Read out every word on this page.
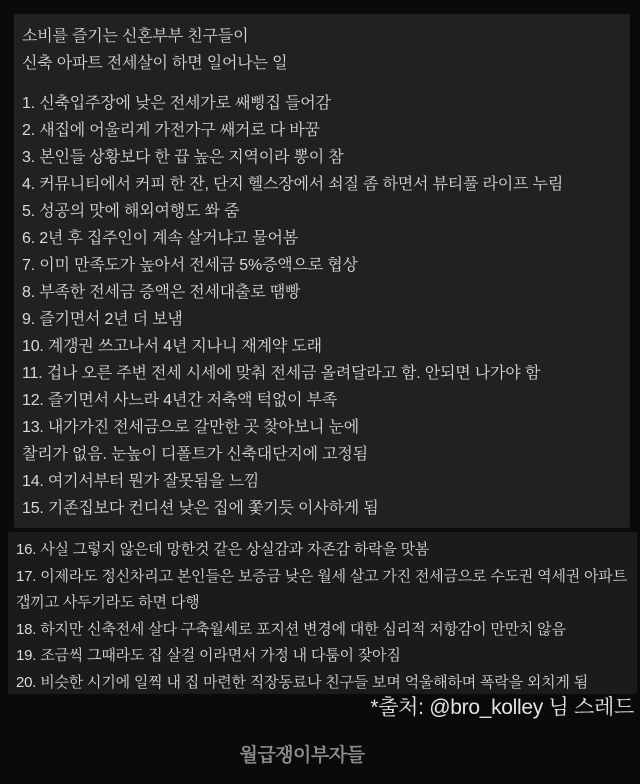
소비를 즐기는 신혼부부 친구들이
신축 아파트 전세살이 하면 일어나는 일
1. 신축입주장에 낮은 전세가로 쌔삥집 들어감
2. 새집에 어울리게 가전가구 쌔거로 다 바꿈
3. 본인들 상황보다 한 끕 높은 지역이라 뽕이 참
4. 커뮤니티에서 커피 한 잔, 단지 헬스장에서 쇠질 좀 하면서 뷰티풀 라이프 누림
5. 성공의 맛에 해외여행도 쏴 줌
6. 2년 후 집주인이 계속 살거냐고 물어봄
7. 이미 만족도가 높아서 전세금 5%증액으로 협상
8. 부족한 전세금 증액은 전세대출로 땜빵
9. 즐기면서 2년 더 보냄
10. 계갱권 쓰고나서 4년 지나니 재계약 도래
11. 겁나 오른 주변 전세 시세에 맞춰 전세금 올려달라고 함. 안되면 나가야 함
12. 즐기면서 사느라 4년간 저축액 턱없이 부족
13. 내가가진 전세금으로 갈만한 곳 찾아보니 눈에
찰리가 없음. 눈높이 디폴트가 신축대단지에 고정됨
14. 여기서부터 뭔가 잘못됨을 느낌
15. 기존집보다 컨디션 낮은 집에 쫓기듯 이사하게 됨
16. 사실 그렇지 않은데 망한것 같은 상실감과 자존감 하락을 맛봄
17. 이제라도 정신차리고 본인들은 보증금 낮은 월세 살고 가진 전세금으로 수도권 역세권 아파트 갭끼고 사두기라도 하면 다행
18. 하지만 신축전세 살다 구축월세로 포지션 변경에 대한 심리적 저항감이 만만치 않음
19. 조금씩 그때라도 집 살걸 이라면서 가정 내 다툼이 잦아짐
20. 비슷한 시기에 일찍 내 집 마련한 직장동료나 친구들 보며 억울해하며 폭락을 외치게 됨
*출처: @bro_kolley 님 스레드
월급쟁이부자들
